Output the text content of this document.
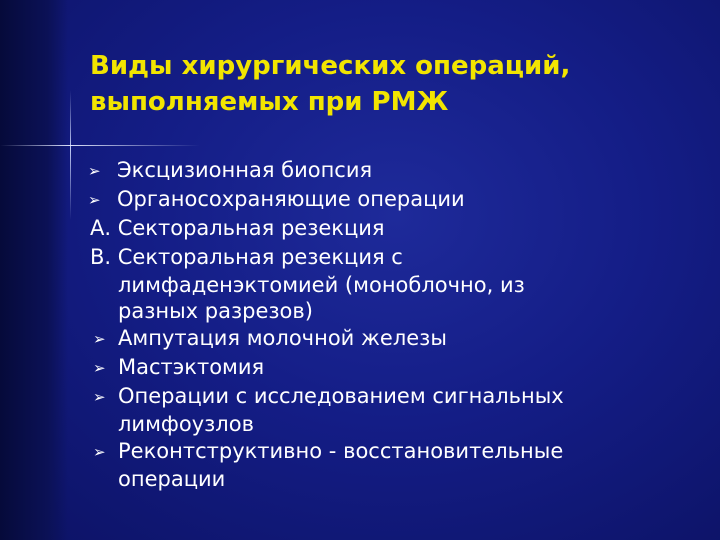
Виды хирургических операций,
выполняемых при РМЖ
➢ Эксцизионная биопсия
➢ Органосохраняющие операции
А. Секторальная резекция
В. Секторальная резекция с
лимфаденэктомией (моноблочно, из
разных разрезов)
➢ Ампутация молочной железы
➢ Мастэктомия
➢ Операции с исследованием сигнальных
лимфоузлов
➢ Реконтструктивно - восстановительные
операции
